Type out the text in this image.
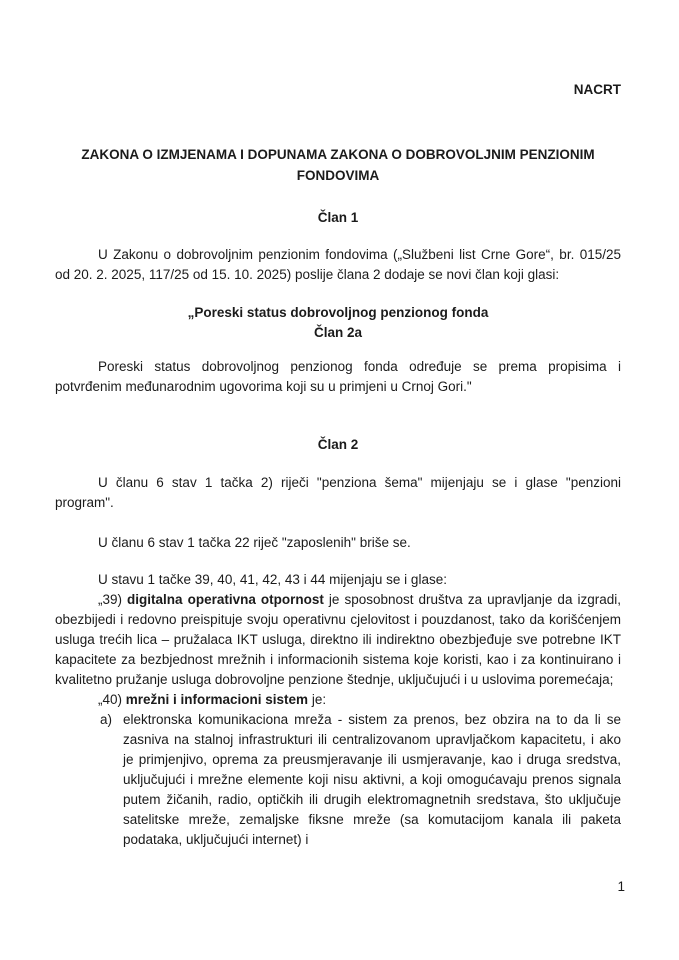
NACRT
ZAKONA O IZMJENAMA I DOPUNAMA ZAKONA O DOBROVOLJNIM PENZIONIM FONDOVIMA
Član 1

U Zakonu o dobrovoljnim penzionim fondovima („Službeni list Crne Gore“, br. 015/25 od 20. 2. 2025, 117/25 od 15. 10. 2025) poslije člana 2 dodaje se novi član koji glasi:

„Poreski status dobrovoljnog penzionog fonda
Član 2a

Poreski status dobrovoljnog penzionog fonda određuje se prema propisima i potvrđenim međunarodnim ugovorima koji su u primjeni u Crnoj Gori."

Član 2

U članu 6 stav 1 tačka 2) riječi "penziona šema" mijenjaju se i glase "penzioni program".

U članu 6 stav 1 tačka 22 riječ "zaposlenih" briše se.

U stavu 1 tačke 39, 40, 41, 42, 43 i 44 mijenjaju se i glase:

„39) digitalna operativna otpornost je sposobnost društva za upravljanje da izgradi, obezbijedi i redovno preispituje svoju operativnu cjelovitost i pouzdanost, tako da korišćenjem usluga trećih lica – pružalaca IKT usluga, direktno ili indirektno obezbjeđuje sve potrebne IKT kapacitete za bezbjednost mrežnih i informacionih sistema koje koristi, kao i za kontinuirano i kvalitetno pružanje usluga dobrovoljne penzione štednje, uključujući i u uslovima poremećaja;

„40) mrežni i informacioni sistem je:

a) elektronska komunikaciona mreža - sistem za prenos, bez obzira na to da li se zasniva na stalnoj infrastrukturi ili centralizovanom upravljačkom kapacitetu, i ako je primjenjivo, oprema za preusmjeravanje ili usmjeravanje, kao i druga sredstva, uključujući i mrežne elemente koji nisu aktivni, a koji omogućavaju prenos signala putem žičanih, radio, optičkih ili drugih elektromagnetnih sredstava, što uključuje satelitske mreže, zemaljske fiksne mreže (sa komutacijom kanala ili paketa podataka, uključujući internet) i
1
